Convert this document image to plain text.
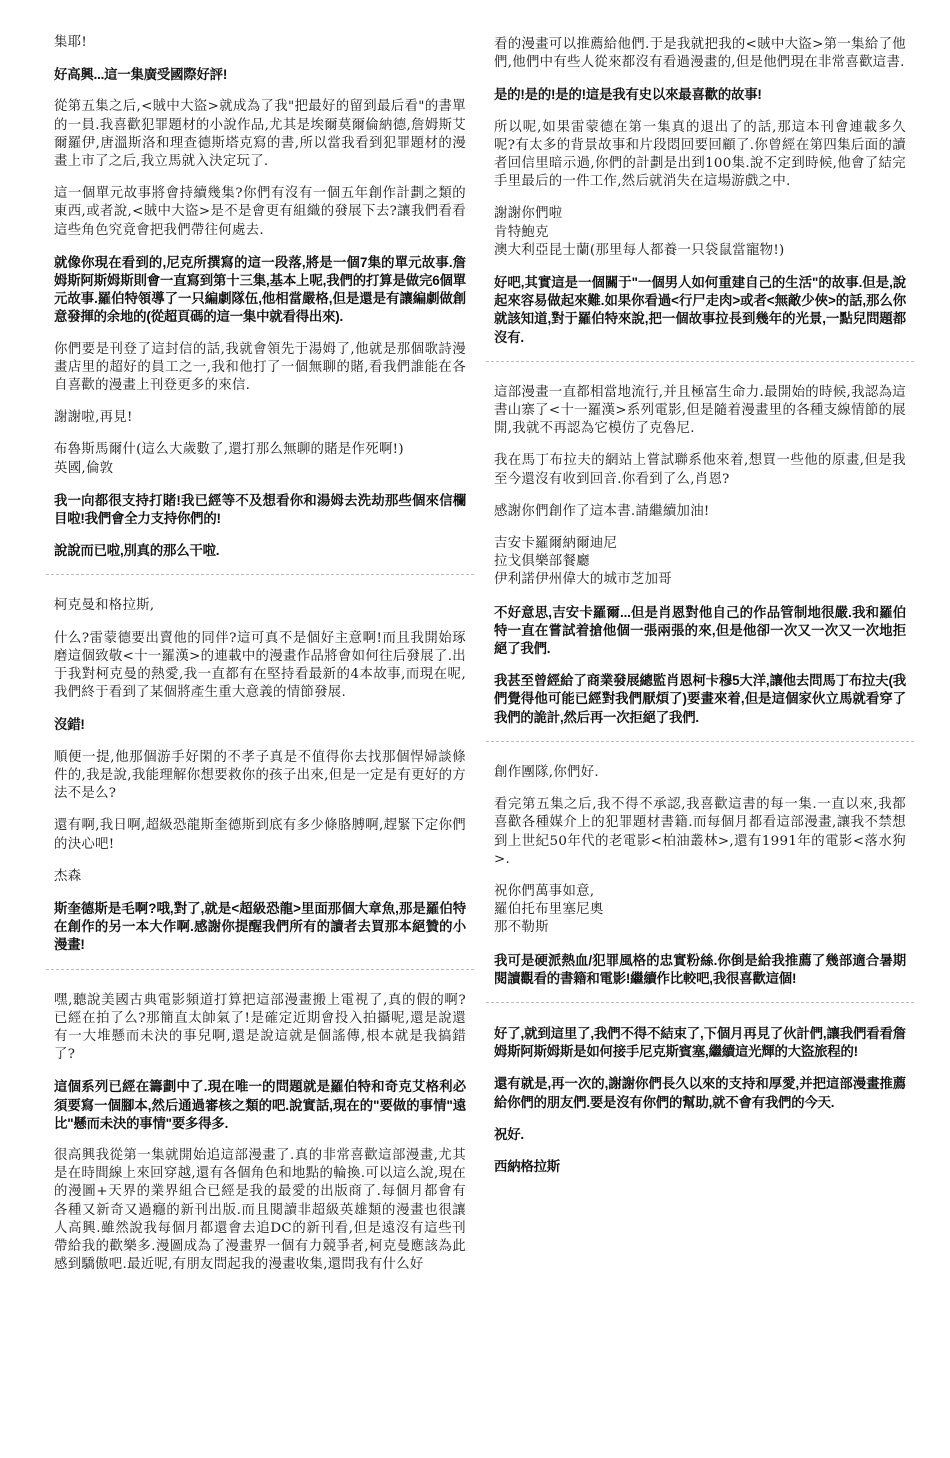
集耶!

好高興...這一集廣受國際好評!

從第五集之后,<賊中大盜>就成為了我"把最好的留到最后看"的書單的一員.我喜歡犯罪題材的小說作品,尤其是埃爾莫爾倫納德,詹姆斯艾爾羅伊,唐溫斯洛和理查德斯塔克寫的書,所以當我看到犯罪題材的漫畫上市了之后,我立馬就入決定玩了.

這一個單元故事將會持續幾集?你們有沒有一個五年創作計劃之類的東西,或者說,<賊中大盜>是不是會更有組織的發展下去?讓我們看看這些角色究竟會把我們帶往何處去.

就像你現在看到的,尼克所撰寫的這一段落,將是一個7集的單元故事.詹姆斯阿斯姆斯則會一直寫到第十三集,基本上呢,我們的打算是做完6個單元故事.羅伯特領導了一只編劇隊伍,他相當嚴格,但是還是有讓編劇做創意發揮的余地的(從超頁碼的這一集中就看得出來).

你們要是刊登了這封信的話,我就會領先于湯姆了,他就是那個歌詩漫畫店里的超好的員工之一,我和他打了一個無聊的賭,看我們誰能在各自喜歡的漫畫上刊登更多的來信.

謝謝啦,再見!

布魯斯馬爾什(這么大歲數了,還打那么無聊的賭是作死啊!)
英國,倫敦

我一向都很支持打賭!我已經等不及想看你和湯姆去洗劫那些個來信欄目啦!我們會全力支持你們的!

說說而已啦,別真的那么干啦.

柯克曼和格拉斯,

什么?雷蒙德要出賣他的同伴?這可真不是個好主意啊!而且我開始琢磨這個致敬<十一羅漢>的連載中的漫畫作品將會如何往后發展了.出于我對柯克曼的熱愛,我一直都有在堅持看最新的4本故事,而現在呢,我們終于看到了某個將產生重大意義的情節發展.

沒錯!

順便一提,他那個游手好閑的不孝子真是不值得你去找那個悍婦談條件的,我是說,我能理解你想要救你的孩子出來,但是一定是有更好的方法不是么?

還有啊,我日啊,超級恐龍斯奎德斯到底有多少條胳膊啊,趕緊下定你們的決心吧!

杰森

斯奎德斯是毛啊?哦,對了,就是<超級恐龍>里面那個大章魚,那是羅伯特在創作的另一本大作啊.感謝你提醒我們所有的讀者去買那本絕贊的小漫畫!

嘿,聽說美國古典電影頻道打算把這部漫畫搬上電視了,真的假的啊?已經在拍了么?那簡直太帥氣了!是確定近期會投入拍攝呢,還是說還有一大堆懸而未決的事兒啊,還是說這就是個謠傳,根本就是我搞錯了?

這個系列已經在籌劃中了.現在唯一的問題就是羅伯特和奇克艾格利必須要寫一個腳本,然后通過審核之類的吧.說實話,現在的"要做的事情"遠比"懸而未決的事情"要多得多.

很高興我從第一集就開始追這部漫畫了.真的非常喜歡這部漫畫,尤其是在時間線上來回穿越,還有各個角色和地點的輪換.可以這么說,現在的漫圖+天界的業界組合已經是我的最愛的出版商了.每個月都會有各種又新奇又過癮的新刊出版.而且閱讀非超級英雄類的漫畫也很讓人高興.雖然說我每個月都還會去追DC的新刊看,但是遠沒有這些刊帶給我的歡樂多.漫圖成為了漫畫界一個有力競爭者,柯克曼應該為此感到驕傲吧.最近呢,有朋友問起我的漫畫收集,還問我有什么好

看的漫畫可以推薦給他們.于是我就把我的<賊中大盜>第一集給了他們,他們中有些人從來都沒有看過漫畫的,但是他們現在非常喜歡這書.

是的!是的!是的!這是我有史以來最喜歡的故事!

所以呢,如果雷蒙德在第一集真的退出了的話,那這本刊會連載多久呢?有太多的背景故事和片段悶回要回顧了.你曾經在第四集后面的讀者回信里暗示過,你們的計劃是出到100集.說不定到時候,他會了結完手里最后的一件工作,然后就消失在這場游戲之中.

謝謝你們啦
肯特鮑克
澳大利亞昆士蘭(那里每人都養一只袋鼠當寵物!)

好吧,其實這是一個關于"一個男人如何重建自己的生活"的故事.但是,說起來容易做起來難.如果你看過<行尸走肉>或者<無敵少俠>的話,那么你就該知道,對于羅伯特來說,把一個故事拉長到幾年的光景,一點兒問題都沒有.

這部漫畫一直都相當地流行,并且極富生命力.最開始的時候,我認為這書山寨了<十一羅漢>系列電影,但是隨着漫畫里的各種支線情節的展開,我就不再認為它模仿了克魯尼.

我在馬丁布拉夫的網站上嘗試聯系他來着,想買一些他的原畫,但是我至今還沒有收到回音.你看到了么,肖恩?

感謝你們創作了這本書.請繼續加油!

吉安卡羅爾納爾迪尼
拉戈俱樂部餐廳
伊利諾伊州偉大的城市芝加哥

不好意思,吉安卡羅爾...但是肖恩對他自己的作品管制地很嚴.我和羅伯特一直在嘗試着搶他個一張兩張的來,但是他卻一次又一次又一次地拒絕了我們.

我甚至曾經給了商業發展總監肖恩柯卡穆5大洋,讓他去問馬丁布拉夫(我們覺得他可能已經對我們厭煩了)要畫來着,但是這個家伙立馬就看穿了我們的詭計,然后再一次拒絕了我們.

創作團隊,你們好.

看完第五集之后,我不得不承認,我喜歡這書的每一集.一直以來,我都喜歡各種媒介上的犯罪題材書籍.而每個月都看這部漫畫,讓我不禁想到上世紀50年代的老電影<柏油叢林>,還有1991年的電影<落水狗>.

祝你們萬事如意,
羅伯托布里塞尼奧
那不勒斯

我可是硬派熱血/犯罪風格的忠實粉絲.你倒是給我推薦了幾部適合暑期閱讀觀看的書籍和電影!繼續作比較吧,我很喜歡這個!

好了,就到這里了,我們不得不結束了,下個月再見了伙計們,讓我們看看詹姆斯阿斯姆斯是如何接手尼克斯賓塞,繼續這光輝的大盜旅程的!

還有就是,再一次的,謝謝你們長久以來的支持和厚愛,并把這部漫畫推薦給你們的朋友們.要是沒有你們的幫助,就不會有我們的今天.

祝好.

西納格拉斯
